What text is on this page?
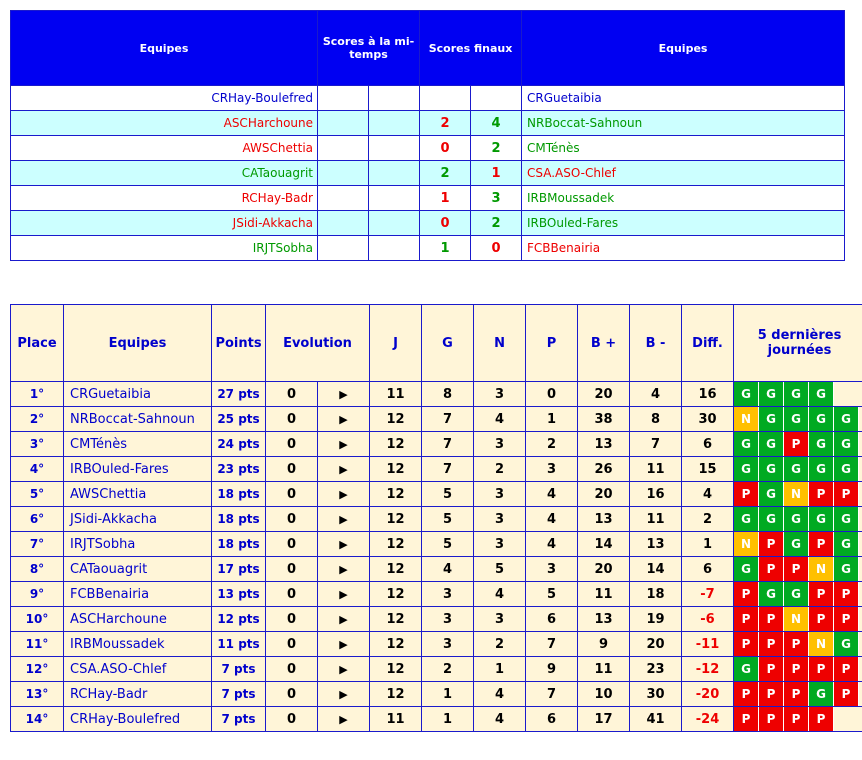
Equipes	Scores à la mi-temps		Scores finaux		Equipes
CRHay-Boulefred					CRGuetaibia
ASCHarchoune			2	4	NRBoccat-Sahnoun
AWSChettia			0	2	CMTénès
CATaouagrit			2	1	CSA.ASO-Chlef
RCHay-Badr			1	3	IRBMoussadek
JSidi-Akkacha			0	2	IRBOuled-Fares
IRJTSobha			1	0	FCBBenairia
Place	Equipes	Points	Evolution		J	G	N	P	B +	B -	Diff.	5 dernières journées
1°	CRGuetaibia	27 pts	0	▶	11	8	3	0	20	4	16	G G G G

2°	NRBoccat-Sahnoun	25 pts	0	▶	12	7	4	1	38	8	30	N G G G G

3°	CMTénès	24 pts	0	▶	12	7	3	2	13	7	6	G G P G G

4°	IRBOuled-Fares	23 pts	0	▶	12	7	2	3	26	11	15	G G G G G

5°	AWSChettia	18 pts	0	▶	12	5	3	4	20	16	4	P G N P P

6°	JSidi-Akkacha	18 pts	0	▶	12	5	3	4	13	11	2	G G G G G

7°	IRJTSobha	18 pts	0	▶	12	5	3	4	14	13	1	N P G P G

8°	CATaouagrit	17 pts	0	▶	12	4	5	3	20	14	6	G P P N G

9°	FCBBenairia	13 pts	0	▶	12	3	4	5	11	18	-7	P G G P P

10°	ASCHarchoune	12 pts	0	▶	12	3	3	6	13	19	-6	P P N P P

11°	IRBMoussadek	11 pts	0	▶	12	3	2	7	9	20	-11	P P P N G

12°	CSA.ASO-Chlef	7 pts	0	▶	12	2	1	9	11	23	-12	G P P P P

13°	RCHay-Badr	7 pts	0	▶	12	1	4	7	10	30	-20	P P P G P

14°	CRHay-Boulefred	7 pts	0	▶	11	1	4	6	17	41	-24	P P P P
